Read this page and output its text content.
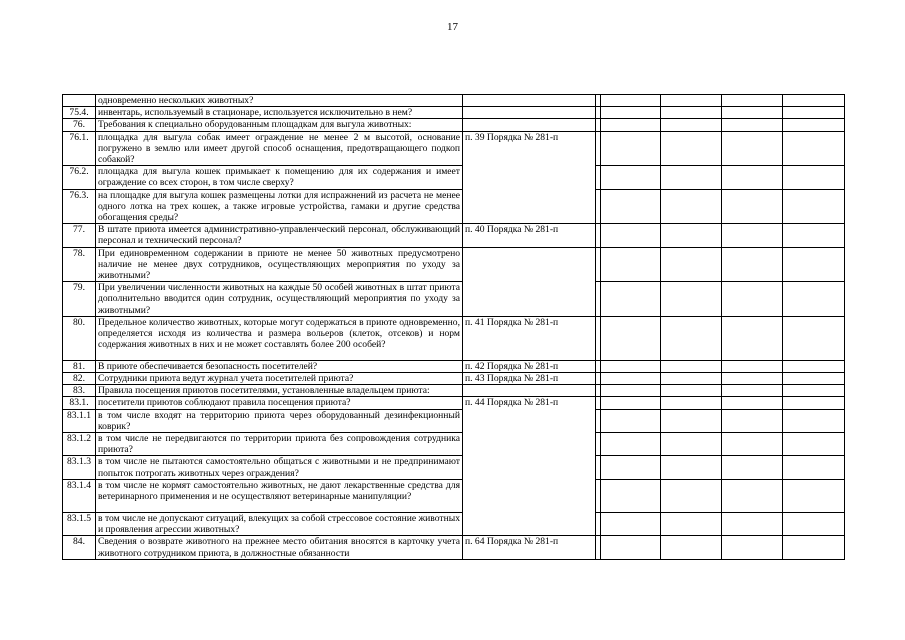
17
	одновременно нескольких животных?						
75.4.	инвентарь, используемый в стационаре, используется исключительно в нем?						
76.	Требования к специально оборудованным площадкам для выгула животных:						
76.1.	площадка для выгула собак имеет ограждение не менее 2 м высотой, основание погружено в землю или имеет другой способ оснащения, предотвращающего подкоп собакой?	п. 39 Порядка № 281-п					
76.2.	площадка для выгула кошек примыкает к помещению для их содержания и имеет ограждение со всех сторон, в том числе сверху?						
76.3.	на площадке для выгула кошек размещены лотки для испражнений из расчета не менее одного лотка на трех кошек, а также игровые устройства, гамаки и другие средства обогащения среды?						
77.	В штате приюта имеется административно-управленческий персонал, обслуживающий персонал и технический персонал?	п. 40 Порядка № 281-п					
78.	При единовременном содержании в приюте не менее 50 животных предусмотрено наличие не менее двух сотрудников, осуществляющих мероприятия по уходу за животными?						
79.	При увеличении численности животных на каждые 50 особей животных в штат приюта дополнительно вводится один сотрудник, осуществляющий мероприятия по уходу за животными?						
80.	Предельное количество животных, которые могут содержаться в приюте одновременно, определяется исходя из количества и размера вольеров (клеток, отсеков) и норм содержания животных в них и не может составлять более 200 особей?	п. 41 Порядка № 281-п					
81.	В приюте обеспечивается безопасность посетителей?	п. 42 Порядка № 281-п					
82.	Сотрудники приюта ведут журнал учета посетителей приюта?	п. 43 Порядка № 281-п					
83.	Правила посещения приютов посетителями, установленные владельцем приюта:						
83.1.	посетители приютов соблюдают правила посещения приюта?	п. 44 Порядка № 281-п					
83.1.1	в том числе входят на территорию приюта через оборудованный дезинфекционный коврик?						
83.1.2	в том числе не передвигаются по территории приюта без сопровождения сотрудника приюта?						
83.1.3	в том числе не пытаются самостоятельно общаться с животными и не предпринимают попыток потрогать животных через ограждения?						
83.1.4	в том числе не кормят самостоятельно животных, не дают лекарственные средства для ветеринарного применения и не осуществляют ветеринарные манипуляции?						
83.1.5	в том числе не допускают ситуаций, влекущих за собой стрессовое состояние животных и проявления агрессии животных?						
84.	Сведения о возврате животного на прежнее место обитания вносятся в карточку учета животного сотрудником приюта, в должностные обязанности	п. 64 Порядка № 281-п					
